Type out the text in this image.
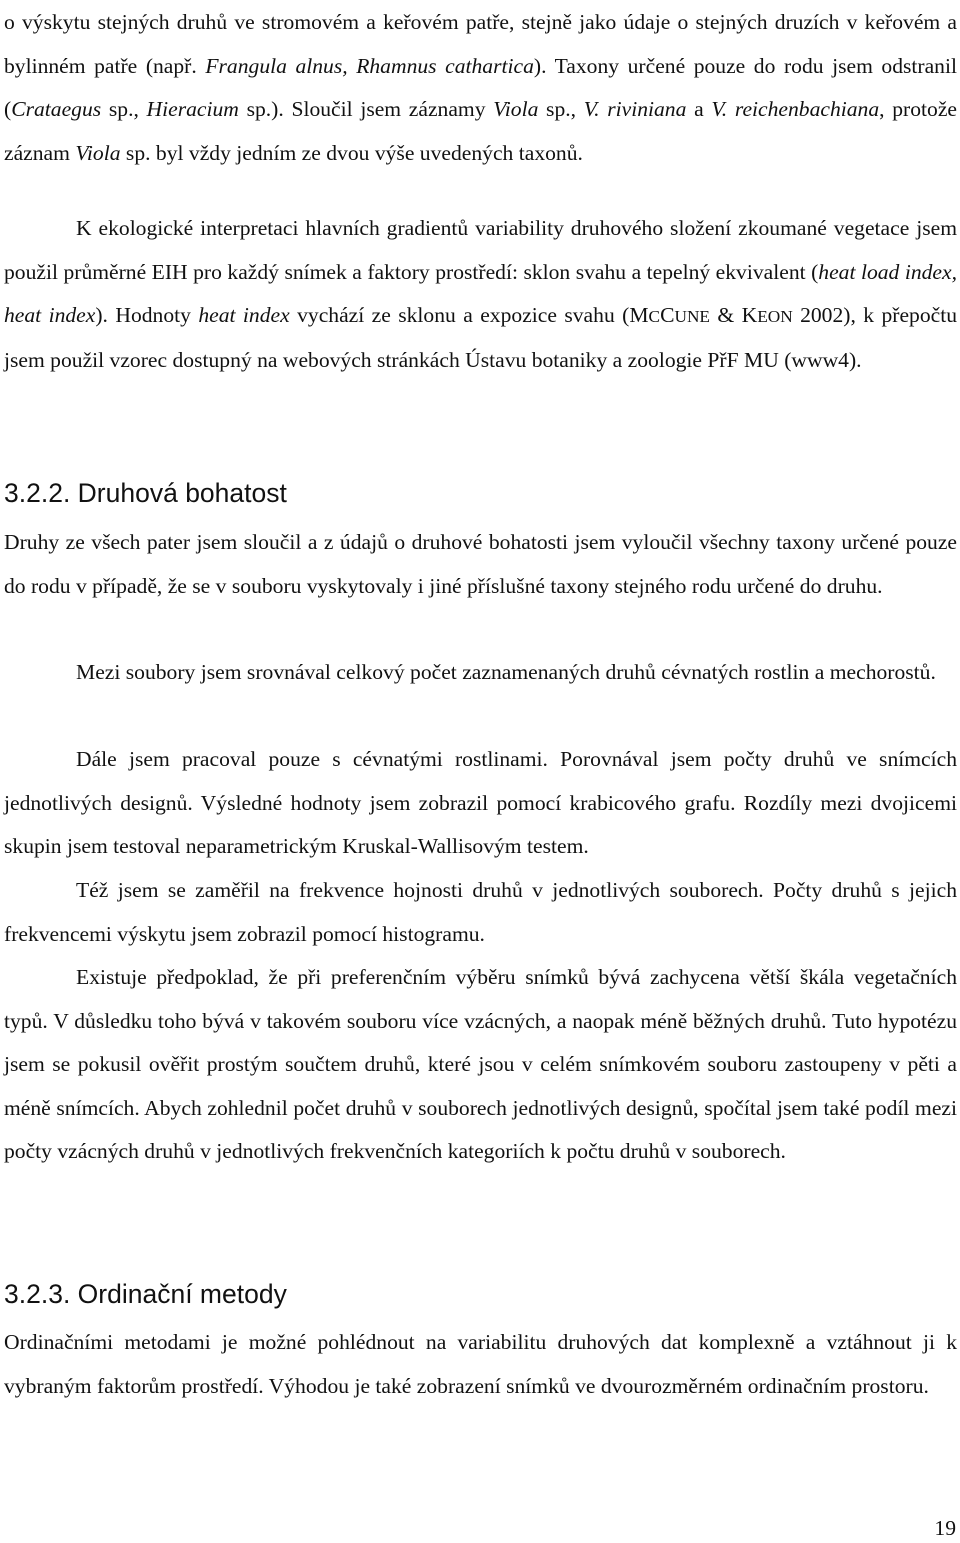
o výskytu stejných druhů ve stromovém a keřovém patře, stejně jako údaje o stejných druzích v keřovém a bylinném patře (např. Frangula alnus, Rhamnus cathartica). Taxony určené pouze do rodu jsem odstranil (Crataegus sp., Hieracium sp.). Sloučil jsem záznamy Viola sp., V. riviniana a V. reichenbachiana, protože záznam Viola sp. byl vždy jedním ze dvou výše uvedených taxonů.

K ekologické interpretaci hlavních gradientů variability druhového složení zkoumané vegetace jsem použil průměrné EIH pro každý snímek a faktory prostředí: sklon svahu a tepelný ekvivalent (heat load index, heat index). Hodnoty heat index vychází ze sklonu a expozice svahu (MCCUNE & KEON 2002), k přepočtu jsem použil vzorec dostupný na webových stránkách Ústavu botaniky a zoologie PřF MU (www4).

3.2.2. Druhová bohatost

Druhy ze všech pater jsem sloučil a z údajů o druhové bohatosti jsem vyloučil všechny taxony určené pouze do rodu v případě, že se v souboru vyskytovaly i jiné příslušné taxony stejného rodu určené do druhu.

Mezi soubory jsem srovnával celkový počet zaznamenaných druhů cévnatých rostlin a mechorostů.

Dále jsem pracoval pouze s cévnatými rostlinami. Porovnával jsem počty druhů ve snímcích jednotlivých designů. Výsledné hodnoty jsem zobrazil pomocí krabicového grafu. Rozdíly mezi dvojicemi skupin jsem testoval neparametrickým Kruskal-Wallisovým testem.

Též jsem se zaměřil na frekvence hojnosti druhů v jednotlivých souborech. Počty druhů s jejich frekvencemi výskytu jsem zobrazil pomocí histogramu.

Existuje předpoklad, že při preferenčním výběru snímků bývá zachycena větší škála vegetačních typů. V důsledku toho bývá v takovém souboru více vzácných, a naopak méně běžných druhů. Tuto hypotézu jsem se pokusil ověřit prostým součtem druhů, které jsou v celém snímkovém souboru zastoupeny v pěti a méně snímcích. Abych zohlednil počet druhů v souborech jednotlivých designů, spočítal jsem také podíl mezi počty vzácných druhů v jednotlivých frekvenčních kategoriích k počtu druhů v souborech.

3.2.3. Ordinační metody

Ordinačními metodami je možné pohlédnout na variabilitu druhových dat komplexně a vztáhnout ji k vybraným faktorům prostředí. Výhodou je také zobrazení snímků ve dvourozměrném ordinačním prostoru.

19
